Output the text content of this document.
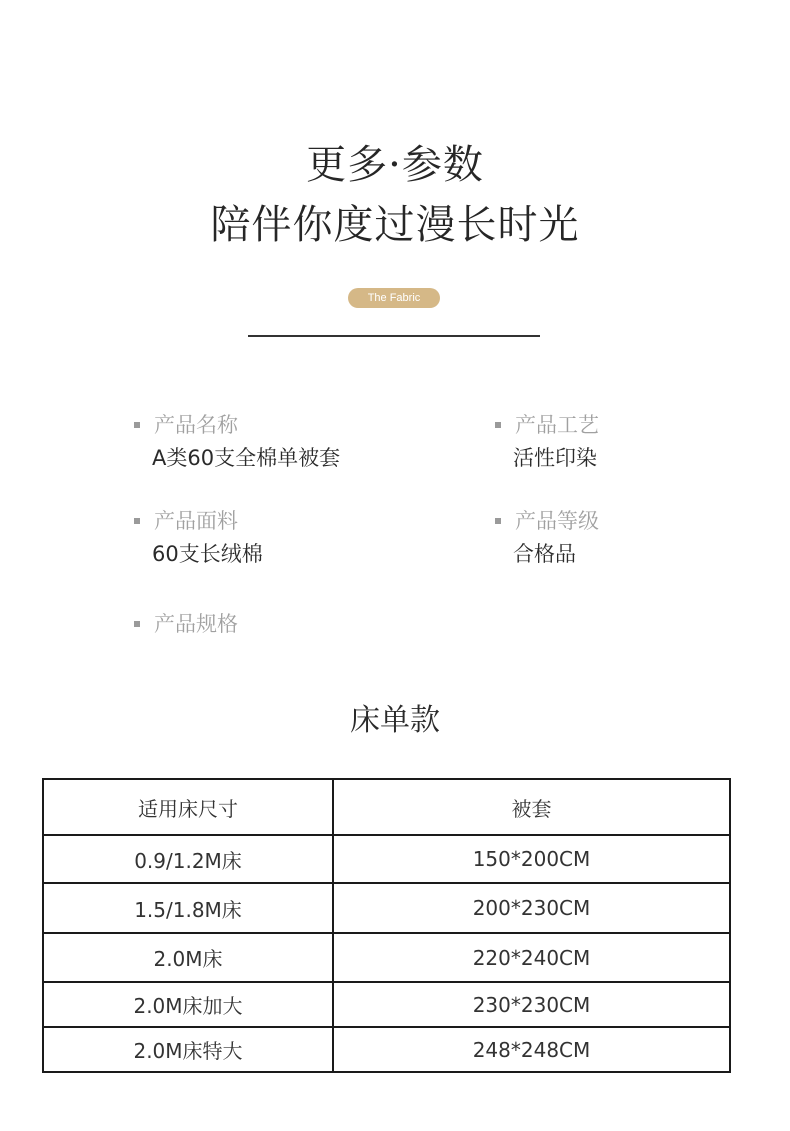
更多·参数
陪伴你度过漫长时光
The Fabric
产品名称
A类60支全棉单被套
产品工艺
活性印染
产品面料
60支长绒棉
产品等级
合格品
产品规格
床单款
适用床尺寸	被套
0.9/1.2M床	150*200CM
1.5/1.8M床	200*230CM
2.0M床	220*240CM
2.0M床加大	230*230CM
2.0M床特大	248*248CM
